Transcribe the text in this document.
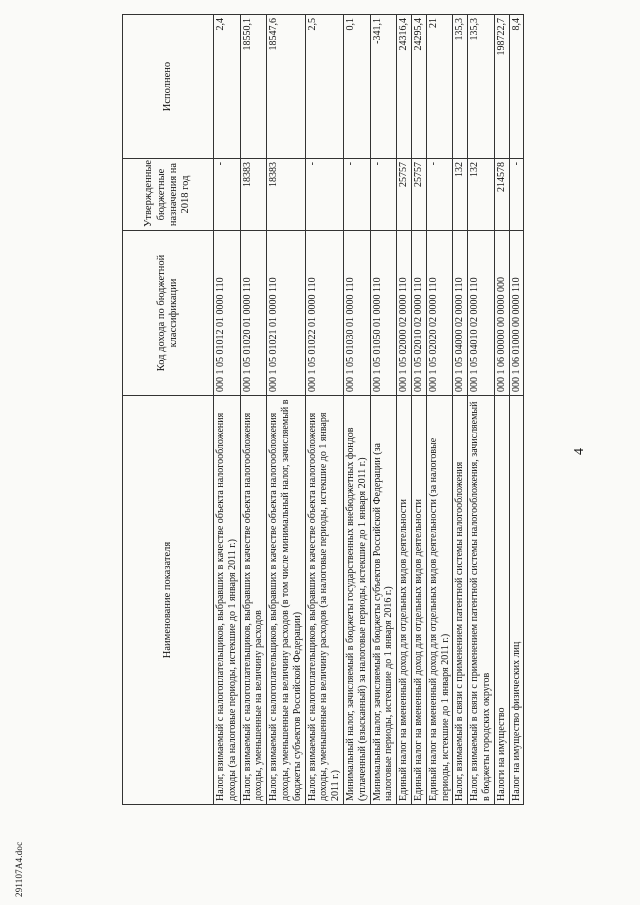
4
Наименование показателя	Код дохода по бюджетной классификации	Утвержденные бюджетные назначения на 2018 год	Исполнено
Налог, взимаемый с налогоплательщиков, выбравших в качестве объекта налогообложения доходы (за налоговые периоды, истекшие до 1 января 2011 г.)	000 1 05 01012 01 0000 110	-	2,4
Налог, взимаемый с налогоплательщиков, выбравших в качестве объекта налогообложения доходы, уменьшенные на величину расходов	000 1 05 01020 01 0000 110	18383	18550,1
Налог, взимаемый с налогоплательщиков, выбравших в качестве объекта налогообложения доходы, уменьшенные на величину расходов (в том числе минимальный налог, зачисляемый в бюджеты субъектов Российской Федерации)	000 1 05 01021 01 0000 110	18383	18547,6
Налог, взимаемый с налогоплательщиков, выбравших в качестве объекта налогообложения доходы, уменьшенные на величину расходов (за налоговые периоды, истекшие до 1 января 2011 г.)	000 1 05 01022 01 0000 110	-	2,5
Минимальный налог, зачисляемый в бюджеты государственных внебюджетных фондов (уплаченный (взысканный) за налоговые периоды, истекшие до 1 января 2011 г.)	000 1 05 01030 01 0000 110	-	0,1
Минимальный налог, зачисляемый в бюджеты субъектов Российской Федерации (за налоговые периоды, истекшие до 1 января 2016 г.)	000 1 05 01050 01 0000 110	-	-341,1
Единый налог на вмененный доход для отдельных видов деятельности	000 1 05 02000 02 0000 110	25757	24316,4
Единый налог на вмененный доход для отдельных видов деятельности	000 1 05 02010 02 0000 110	25757	24295,4
Единый налог на вмененный доход для отдельных видов деятельности (за налоговые периоды, истекшие до 1 января 2011 г.)	000 1 05 02020 02 0000 110	-	21
Налог, взимаемый в связи с применением патентной системы налогообложения	000 1 05 04000 02 0000 110	132	135,3
Налог, взимаемый в связи с применением патентной системы налогообложения, зачисляемый в бюджеты городских округов	000 1 05 04010 02 0000 110	132	135,3
Налоги на имущество	000 1 06 00000 00 0000 000	214578	198722,7
Налог на имущество физических лиц	000 1 06 01000 00 0000 110	-	8,4
291107A4.doc
